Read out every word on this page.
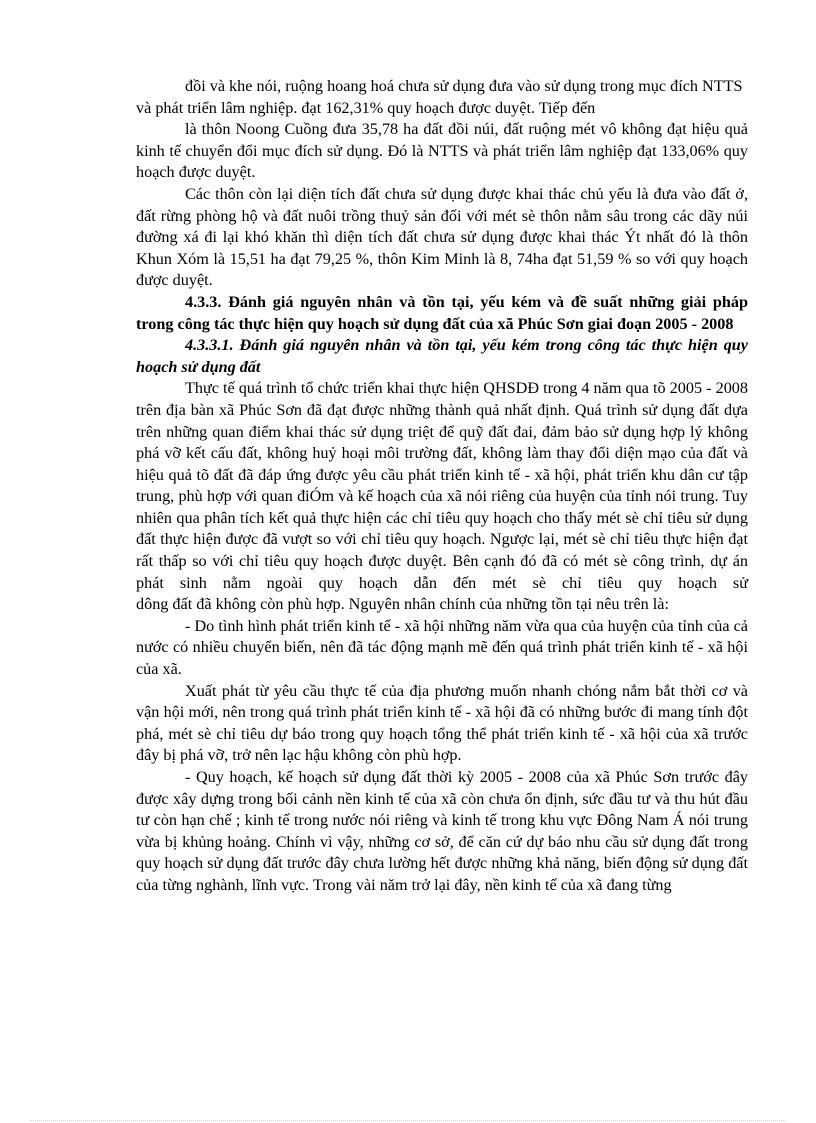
đồi và khe nói, ruộng hoang hoá chưa sử dụng đưa vào sử dụng trong mục đích NTTS và phát triển lâm nghiệp. đạt 162,31% quy hoạch được duyệt. Tiếp đến

là thôn Noong Cuồng đưa 35,78 ha đất đồi núi, đất ruộng mét vô không đạt hiệu quả kinh tế chuyển đổi mục đích sử dụng. Đó là NTTS và phát triển lâm nghiệp đạt 133,06% quy hoạch được duyệt.

Các thôn còn lại diện tích đất chưa sử dụng được khai thác chủ yếu là đưa vào đất ở, đất rừng phòng hộ và đất nuôi trồng thuỷ sản đối với mét sè thôn nằm sâu trong các dãy núi đường xá đi lại khó khăn thì diện tích đất chưa sử dụng được khai thác Ýt nhất đó là thôn Khun Xóm là 15,51 ha đạt 79,25 %, thôn Kim Minh là 8, 74ha đạt 51,59 % so với quy hoạch được duyệt.

4.3.3. Đánh giá nguyên nhân và tồn tại, yếu kém và đề suất những giải pháp trong công tác thực hiện quy hoạch sử dụng đất của xã Phúc Sơn giai đoạn 2005 - 2008

4.3.3.1. Đánh giá nguyên nhân và tồn tại, yếu kém trong công tác thực hiện quy hoạch sử dụng đất

Thực tế quá trình tổ chức triển khai thực hiện QHSDĐ trong 4 năm qua tõ 2005 - 2008 trên địa bàn xã Phúc Sơn đã đạt được những thành quả nhất định. Quá trình sử dụng đất dựa trên những quan điểm khai thác sử dụng triệt để quỹ đất đai, đảm bảo sử dụng hợp lý không phá vỡ kết cấu đất, không huỷ hoại môi trường đất, không làm thay đổi diện mạo của đất và hiệu quả tõ đất đã đáp ứng được yêu cầu phát triển kinh tế - xã hội, phát triển khu dân cư tập trung, phù hợp với quan điÓm và kế hoạch của xã nói riêng của huyện của tỉnh nói trung. Tuy nhiên qua phân tích kết quả thực hiện các chỉ tiêu quy hoạch cho thấy mét sè chỉ tiêu sử dụng đất thực hiện được đã vượt so với chỉ tiêu quy hoạch. Ngược lại, mét sè chỉ tiêu thực hiện đạt rất thấp so với chỉ tiêu quy hoạch được duyệt. Bên cạnh đó đã có mét sè công trình, dự án phát sinh nằm ngoài quy hoạch dẫn đến mét sè chỉ tiêu quy hoạch sử

dông đất đã không còn phù hợp. Nguyên nhân chính của những tồn tại nêu trên là:

- Do tình hình phát triển kinh tế - xã hội những năm vừa qua của huyện của tỉnh của cả nước có nhiều chuyển biến, nên đã tác động mạnh mẽ đến quá trình phát triển kinh tế - xã hội của xã.

Xuất phát từ yêu cầu thực tế của địa phương muốn nhanh chóng nắm bắt thời cơ và vận hội mới, nên trong quá trình phát triển kinh tế - xã hội đã có những bước đi mang tính đột phá, mét sè chỉ tiêu dự báo trong quy hoạch tổng thể phát triển kinh tế - xã hội của xã trước đây bị phá vỡ, trở nên lạc hậu không còn phù hợp.

- Quy hoạch, kế hoạch sử dụng đất thời kỳ 2005 - 2008 của xã Phúc Sơn trước đây được xây dựng trong bối cảnh nền kinh tế của xã còn chưa ổn định, sức đầu tư và thu hút đầu tư còn hạn chế ; kinh tế trong nước nói riêng và kinh tế trong khu vực Đông Nam Á nói trung vừa bị khủng hoảng. Chính vì vậy, những cơ sở, để căn cứ dự báo nhu cầu sử dụng đất trong quy hoạch sử dụng đất trước đây chưa lường hết được những khả năng, biến động sử dụng đất của từng nghành, lĩnh vực. Trong vài năm trở lại đây, nền kinh tế của xã đang từng
